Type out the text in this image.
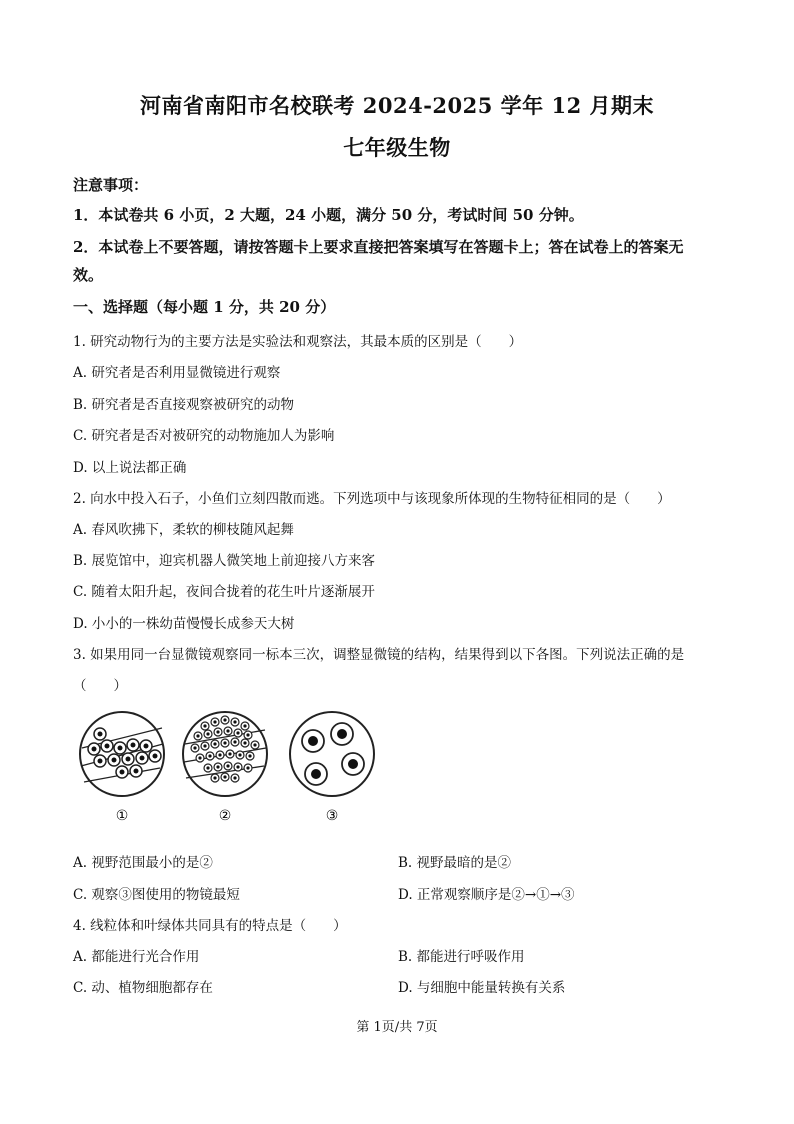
河南省南阳市名校联考 2024-2025 学年 12 月期末
七年级生物
注意事项：
1．本试卷共 6 小页，2 大题，24 小题，满分 50 分，考试时间 50 分钟。
2．本试卷上不要答题，请按答题卡上要求直接把答案填写在答题卡上；答在试卷上的答案无
效。
一、选择题（每小题 1 分，共 20 分）
1. 研究动物行为的主要方法是实验法和观察法，其最本质的区别是（　　）
A. 研究者是否利用显微镜进行观察
B. 研究者是否直接观察被研究的动物
C. 研究者是否对被研究的动物施加人为影响
D. 以上说法都正确
2. 向水中投入石子，小鱼们立刻四散而逃。下列选项中与该现象所体现的生物特征相同的是（　　）
A. 春风吹拂下，柔软的柳枝随风起舞
B. 展览馆中，迎宾机器人微笑地上前迎接八方来客
C. 随着太阳升起，夜间合拢着的花生叶片逐渐展开
D. 小小的一株幼苗慢慢长成参天大树
3. 如果用同一台显微镜观察同一标本三次，调整显微镜的结构，结果得到以下各图。下列说法正确的是
（　　）
①	②	③
A. 视野范围最小的是②	B. 视野最暗的是②
C. 观察③图使用的物镜最短	D. 正常观察顺序是②→①→③
4. 线粒体和叶绿体共同具有的特点是（　　）
A. 都能进行光合作用	B. 都能进行呼吸作用
C. 动、植物细胞都存在	D. 与细胞中能量转换有关系
第 1页/共 7页
